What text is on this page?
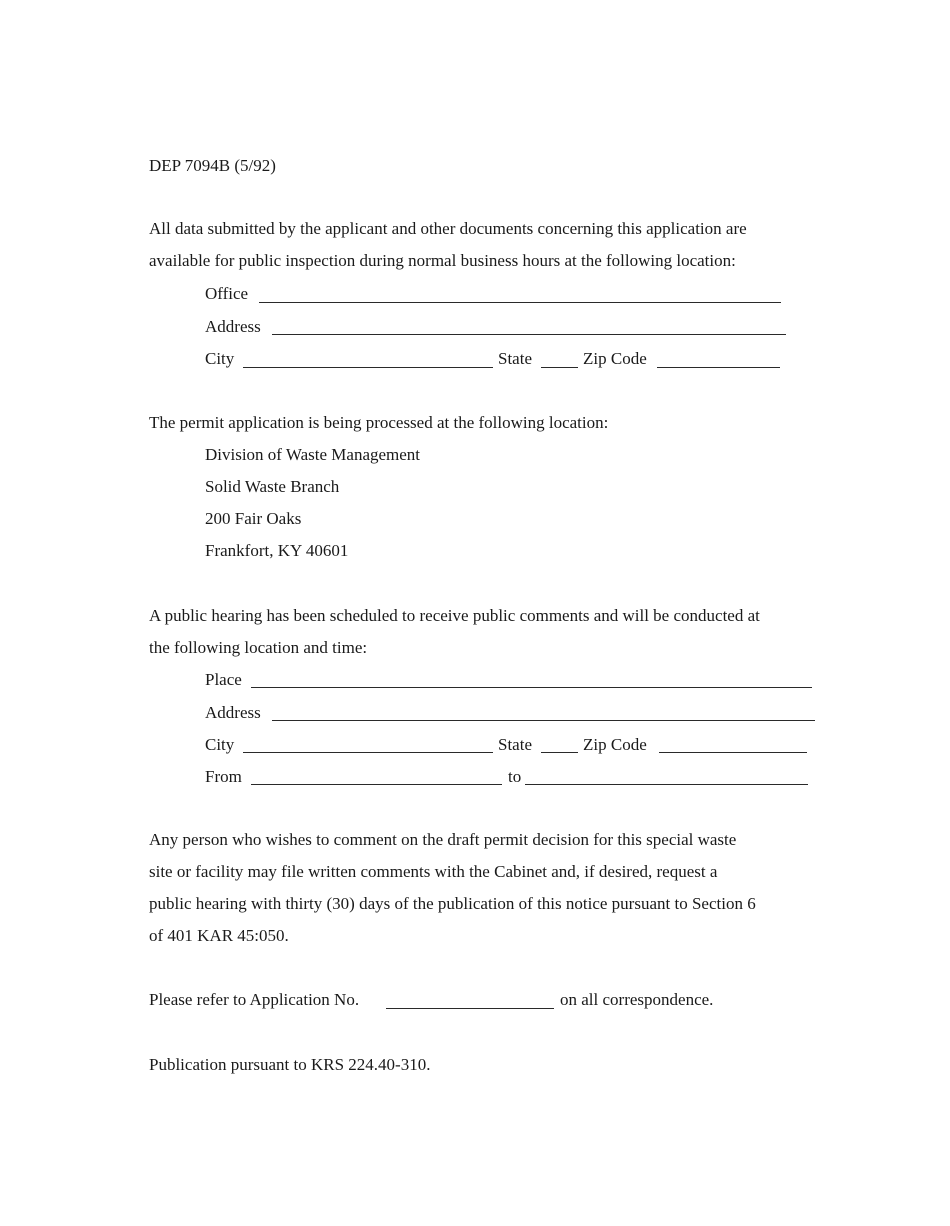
DEP 7094B (5/92)
All data submitted by the applicant and other documents concerning this application are
available for public inspection during normal business hours at the following location:
Office
Address
City	State	Zip Code
The permit application is being processed at the following location:
Division of Waste Management
Solid Waste Branch
200 Fair Oaks
Frankfort, KY 40601
A public hearing has been scheduled to receive public comments and will be conducted at
the following location and time:
Place
Address
City	State	Zip Code
From	to
Any person who wishes to comment on the draft permit decision for this special waste
site or facility may file written comments with the Cabinet and, if desired, request a
public hearing with thirty (30) days of the publication of this notice pursuant to Section 6
of 401 KAR 45:050.
Please refer to Application No.	on all correspondence.
Publication pursuant to KRS 224.40-310.
